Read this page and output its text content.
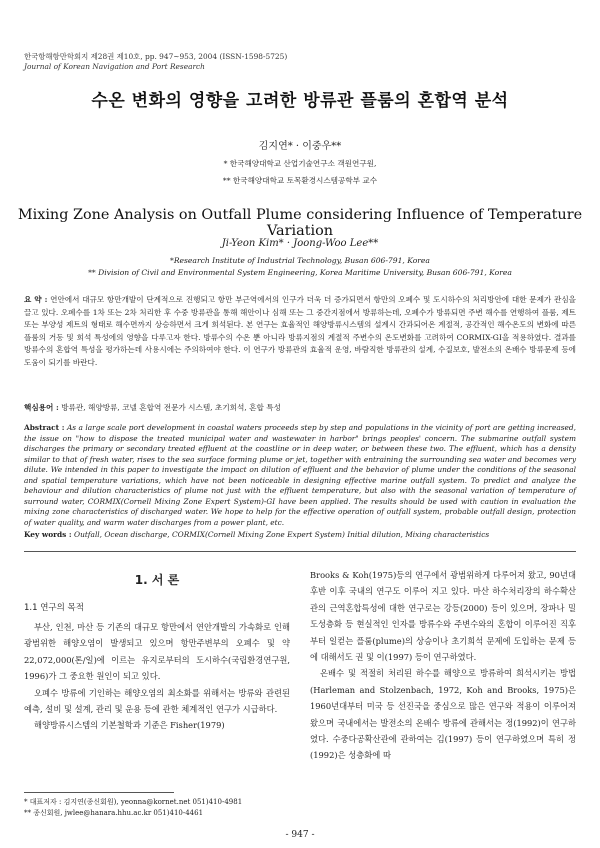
한국항해항만학회지 제28권 제10호, pp. 947~953, 2004 (ISSN-1598-5725)
Journal of Korean Navigation and Port Research
수온 변화의 영향을 고려한 방류관 플룸의 혼합역 분석
김지연* · 이중우**
* 한국해양대학교 산업기술연구소 객원연구원,
** 한국해양대학교 토목환경시스템공학부 교수
Mixing Zone Analysis on Outfall Plume considering Influence of Temperature Variation
Ji-Yeon Kim* · Joong-Woo Lee**
*Research Institute of Industrial Technology, Busan 606-791, Korea
** Division of Civil and Environmental System Engineering, Korea Maritime University, Busan 606-791, Korea
요 약 : 연안에서 대규모 항만개발이 단계적으로 진행되고 항만 부근역에서의 인구가 더욱 더 증가되면서 항만의 오폐수 및 도시하수의 처리방안에 대한 문제가 관심을 끌고 있다. 오폐수를 1차 또는 2차 처리한 후 수중 방류관을 통해 해안이나 심해 또는 그 중간지점에서 방류하는데, 오폐수가 방류되면 주변 해수를 연행하여 플룸, 제트 또는 부양성 제트의 형태로 해수면까지 상승하면서 크게 희석된다. 본 연구는 효율적인 해양방류시스템의 설계시 간과되어온 계절적, 공간적인 해수온도의 변화에 따른 플룸의 거동 및 희석 특성에의 영향을 다루고자 한다. 방류수의 수온 뿐 아니라 방류지점의 계절적 주변수의 온도변화를 고려하여 CORMIX-GI을 적용하였다. 결과를 방류수의 혼합역 특성을 평가하는데 사용시에는 주의하여야 한다. 이 연구가 방류관의 효율적 운영, 바람직한 방류관의 설계, 수질보호, 발전소의 온배수 방류문제 등에 도움이 되기를 바란다.
핵심용어 : 방류관, 해양방류, 코넬 혼합역 전문가 시스템, 초기희석, 혼합 특성
Abstract : As a large scale port development in coastal waters proceeds step by step and populations in the vicinity of port are getting increased, the issue on "how to dispose the treated municipal water and wastewater in harbor" brings peoples' concern. The submarine outfall system discharges the primary or secondary treated effluent at the coastline or in deep water, or between these two. The effluent, which has a density similar to that of fresh water, rises to the sea surface forming plume or jet, together with entraining the surrounding sea water and becomes very dilute. We intended in this paper to investigate the impact on dilution of effluent and the behavior of plume under the conditions of the seasonal and spatial temperature variations, which have not been noticeable in designing effective marine outfall system. To predict and analyze the behaviour and dilution characteristics of plume not just with the effluent temperature, but also with the seasonal variation of temperature of surround water, CORMIX(Cornell Mixing Zone Expert System)-GI have been applied. The results should be used with caution in evaluation the mixing zone characteristics of discharged water. We hope to help for the effective operation of outfall system, probable outfall design, protection of water quality, and warm water discharges from a power plant, etc.
Key words : Outfall, Ocean discharge, CORMIX(Cornell Mixing Zone Expert System) Initial dilution, Mixing characteristics
1. 서 론
1.1 연구의 목적

부산, 인천, 마산 등 기존의 대규모 항만에서 연안개발의 가속화로 인해 광범위한 해양오염이 발생되고 있으며 항만주변부의 오폐수 및 약 22,072,000(톤/일)에 이르는 유지로부터의 도시하수(국립환경연구원, 1996)가 그 중요한 원인이 되고 있다.

오폐수 방류에 기인하는 해양오염의 최소화를 위해서는 방류와 관련된 예측, 설비 및 설계, 관리 및 운용 등에 관한 체계적인 연구가 시급하다.

해양방류시스템의 기본철학과 기준은 Fisher(1979)

Brooks & Koh(1975)등의 연구에서 광범위하게 다루어져 왔고, 90년대 후반 이후 국내의 연구도 이루어 지고 있다. 마산 하수처리장의 하수확산관의 근역혼합특성에 대한 연구로는 강등(2000) 등이 있으며, 장파나 밀도성층화 등 현실적인 인자를 방류수와 주변수와의 혼합이 이루어진 직후부터 일컫는 플룸(plume)의 상승이나 초기희석 문제에 도입하는 문제 등에 대해서도 권 및 이(1997) 등이 연구하였다.

온배수 및 적절히 처리된 하수를 해양으로 방류하여 희석시키는 방법(Harleman and Stolzenbach, 1972, Koh and Brooks, 1975)은 1960년대부터 미국 등 선진국을 중심으로 많은 연구와 적용이 이루어져왔으며 국내에서는 발전소의 온배수 방류에 관해서는 정(1992)이 연구하였다. 수중다공확산관에 관하여는 김(1997) 등이 연구하였으며 특히 정(1992)은 성층화에 따

* 대표저자 : 김지연(종신회원), yeonna@kornet.net 051)410-4981
** 종신회원, jwlee@hanara.hhu.ac.kr 051)410-4461
- 947 -
